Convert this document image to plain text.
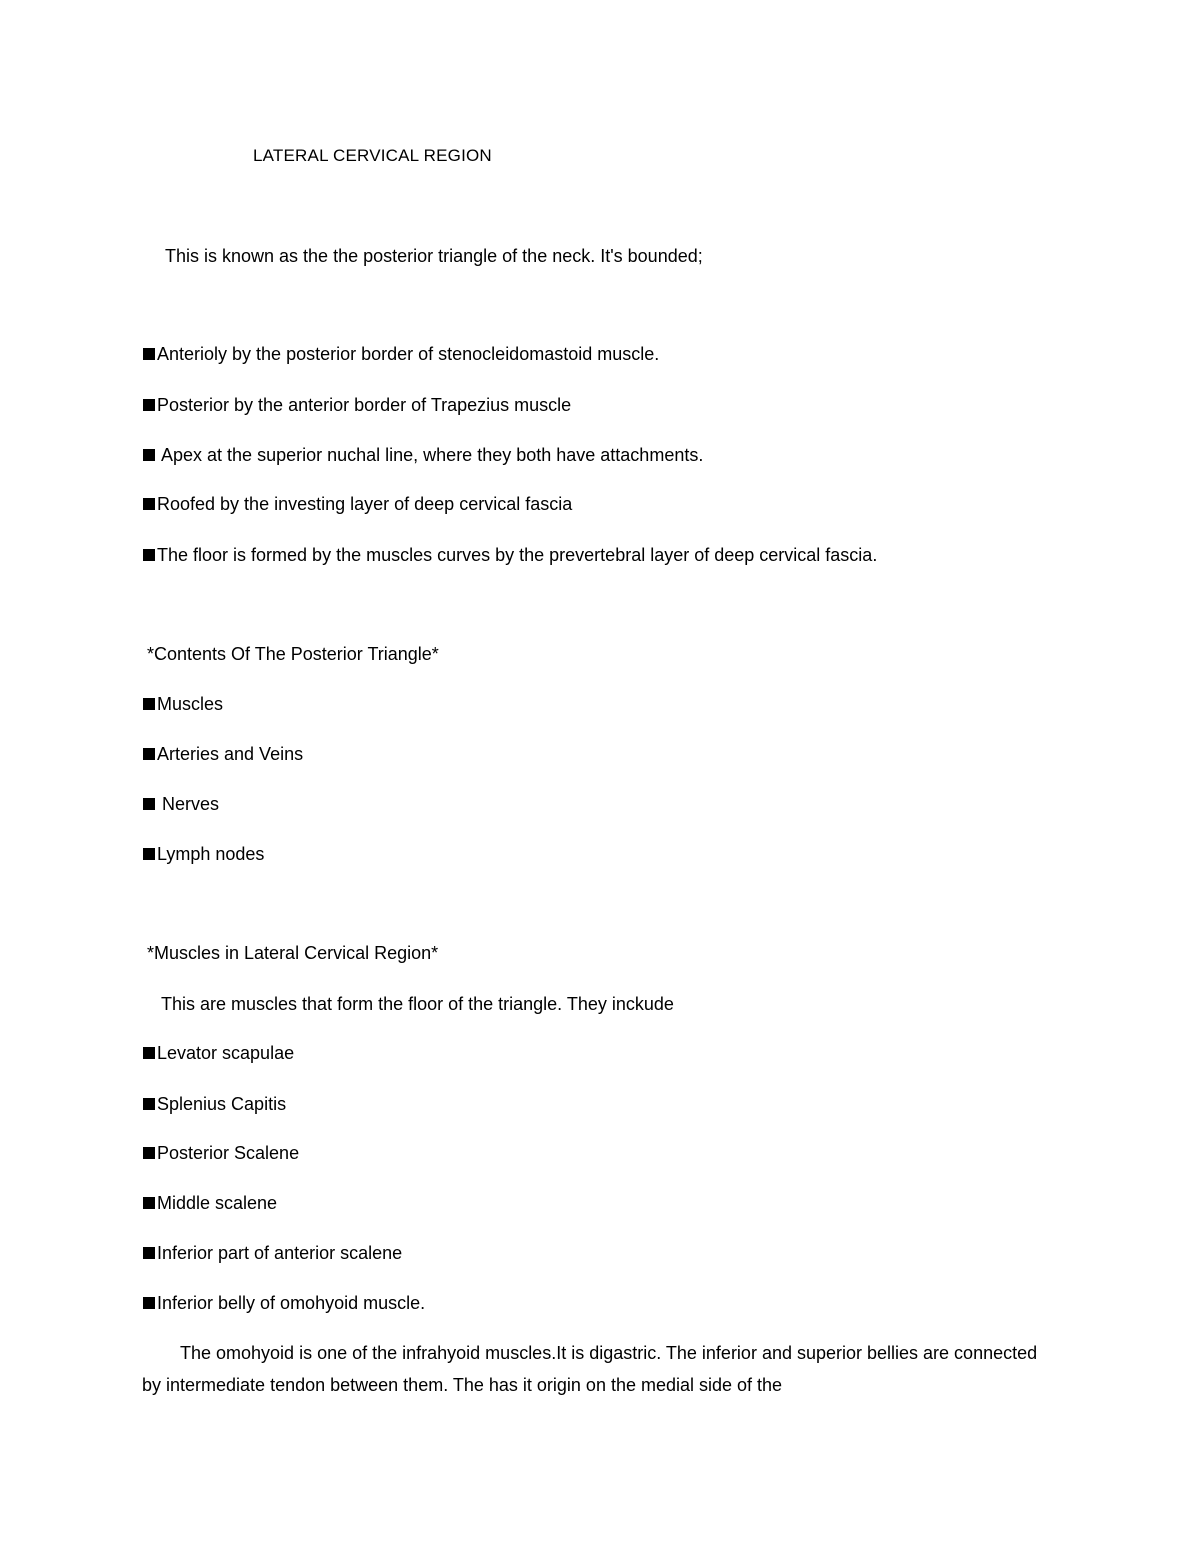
LATERAL CERVICAL REGION
This is known as the the posterior triangle of the neck. It's bounded;
Anterioly by the posterior border of stenocleidomastoid muscle.
Posterior by the anterior border of Trapezius muscle
Apex at the superior nuchal line, where they both have attachments.
Roofed by the investing layer of deep cervical fascia
The floor is formed by the muscles curves by the prevertebral layer of deep cervical fascia.
*Contents Of The Posterior Triangle*
Muscles
Arteries and Veins
Nerves
Lymph nodes
*Muscles in Lateral Cervical Region*
This are muscles that form the floor of the triangle. They inckude
Levator scapulae
Splenius Capitis
Posterior Scalene
Middle scalene
Inferior part of anterior scalene
Inferior belly of omohyoid muscle.
The omohyoid is one of the infrahyoid muscles.It is digastric. The inferior and superior bellies are connected by intermediate tendon between them. The has it origin on the medial side of the
